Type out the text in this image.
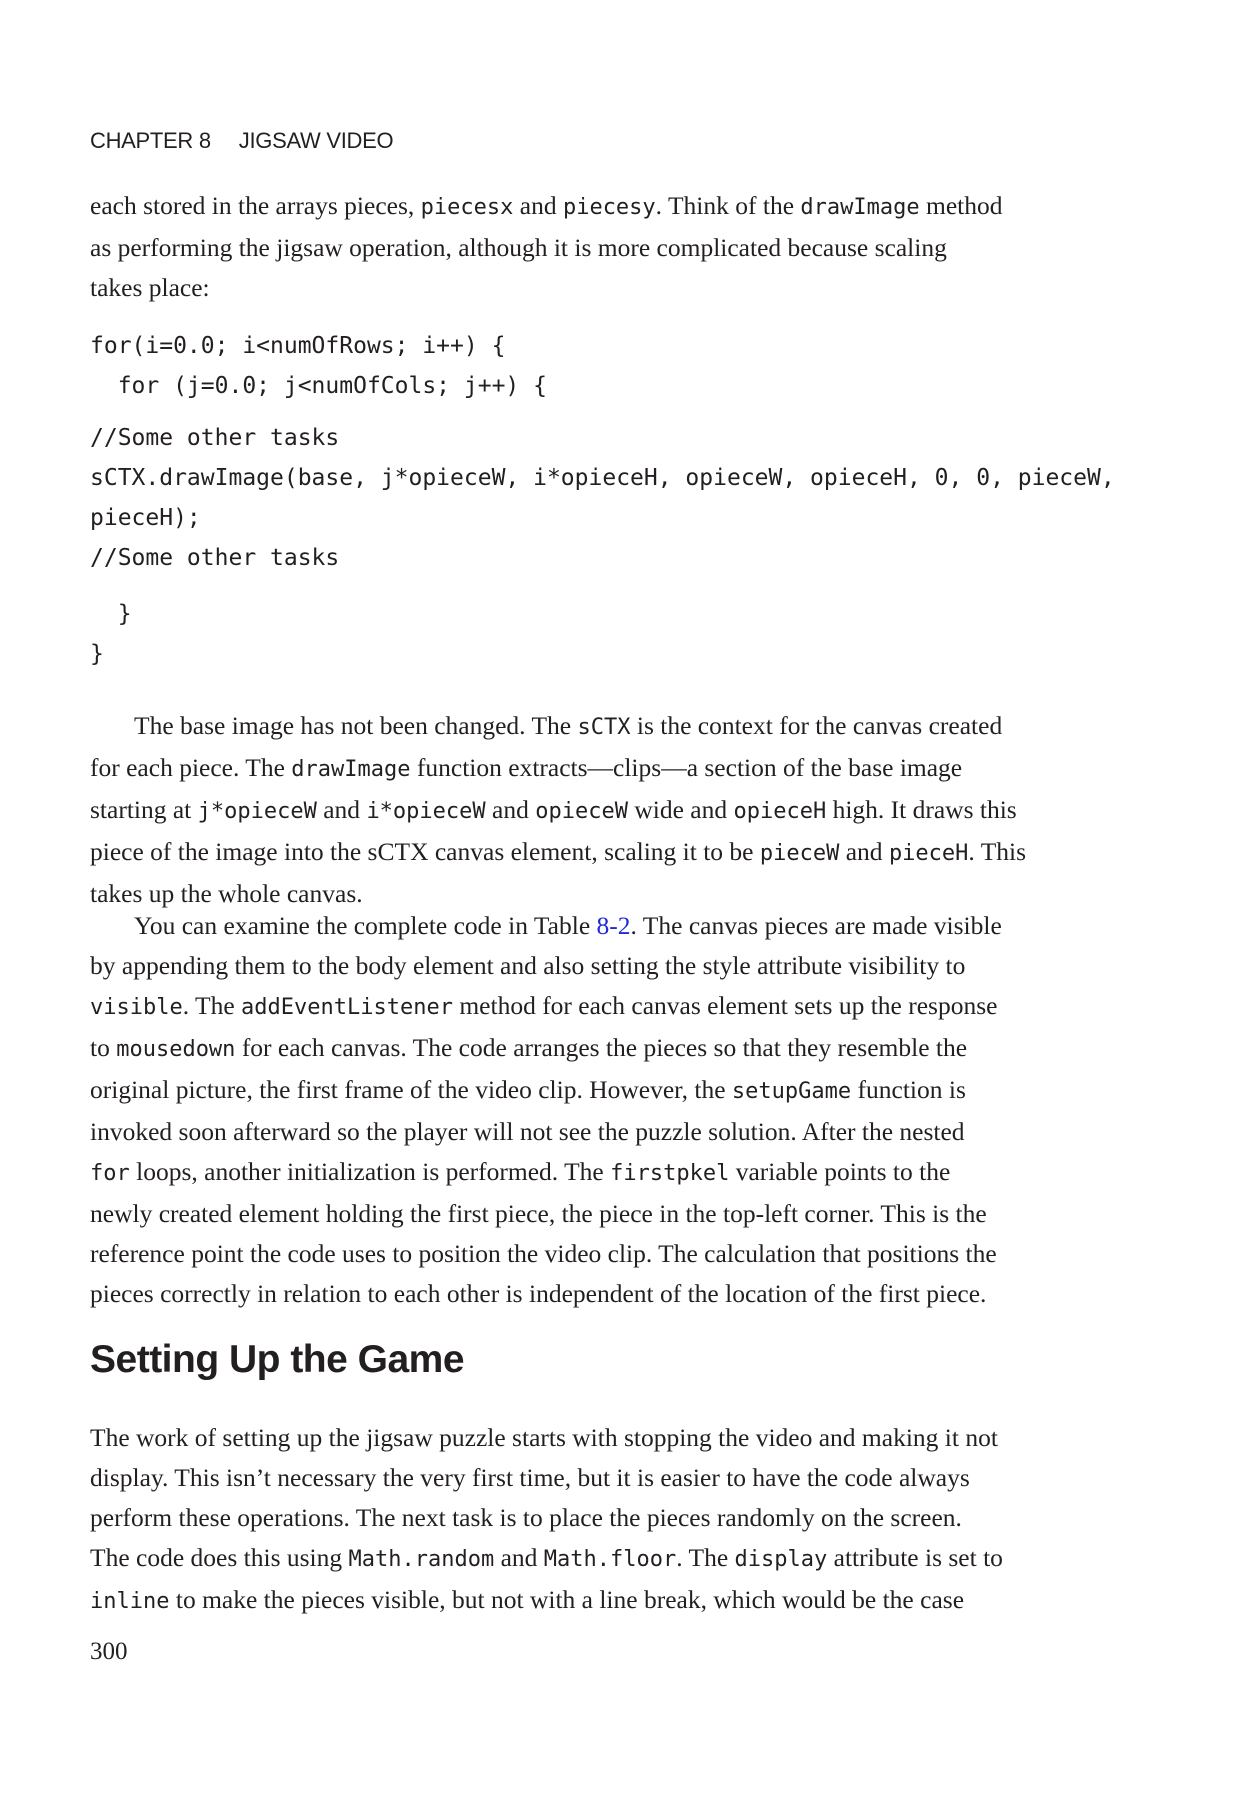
CHAPTER 8 JIGSAW VIDEO

each stored in the arrays pieces, piecesx and piecesy. Think of the drawImage method
as performing the jigsaw operation, although it is more complicated because scaling
takes place:

for(i=0.0; i<numOfRows; i++) {
for (j=0.0; j<numOfCols; j++) {
//Some other tasks
sCTX.drawImage(base, j*opieceW, i*opieceH, opieceW, opieceH, 0, 0, pieceW,
pieceH);
//Some other tasks
}
}

The base image has not been changed. The sCTX is the context for the canvas created
for each piece. The drawImage function extracts—clips—a section of the base image
starting at j*opieceW and i*opieceW and opieceW wide and opieceH high. It draws this
piece of the image into the sCTX canvas element, scaling it to be pieceW and pieceH. This
takes up the whole canvas.

You can examine the complete code in Table 8-2. The canvas pieces are made visible
by appending them to the body element and also setting the style attribute visibility to
visible. The addEventListener method for each canvas element sets up the response
to mousedown for each canvas. The code arranges the pieces so that they resemble the
original picture, the first frame of the video clip. However, the setupGame function is
invoked soon afterward so the player will not see the puzzle solution. After the nested
for loops, another initialization is performed. The firstpkel variable points to the
newly created element holding the first piece, the piece in the top-left corner. This is the
reference point the code uses to position the video clip. The calculation that positions the
pieces correctly in relation to each other is independent of the location of the first piece.

Setting Up the Game

The work of setting up the jigsaw puzzle starts with stopping the video and making it not
display. This isn’t necessary the very first time, but it is easier to have the code always
perform these operations. The next task is to place the pieces randomly on the screen.
The code does this using Math.random and Math.floor. The display attribute is set to
inline to make the pieces visible, but not with a line break, which would be the case

300
